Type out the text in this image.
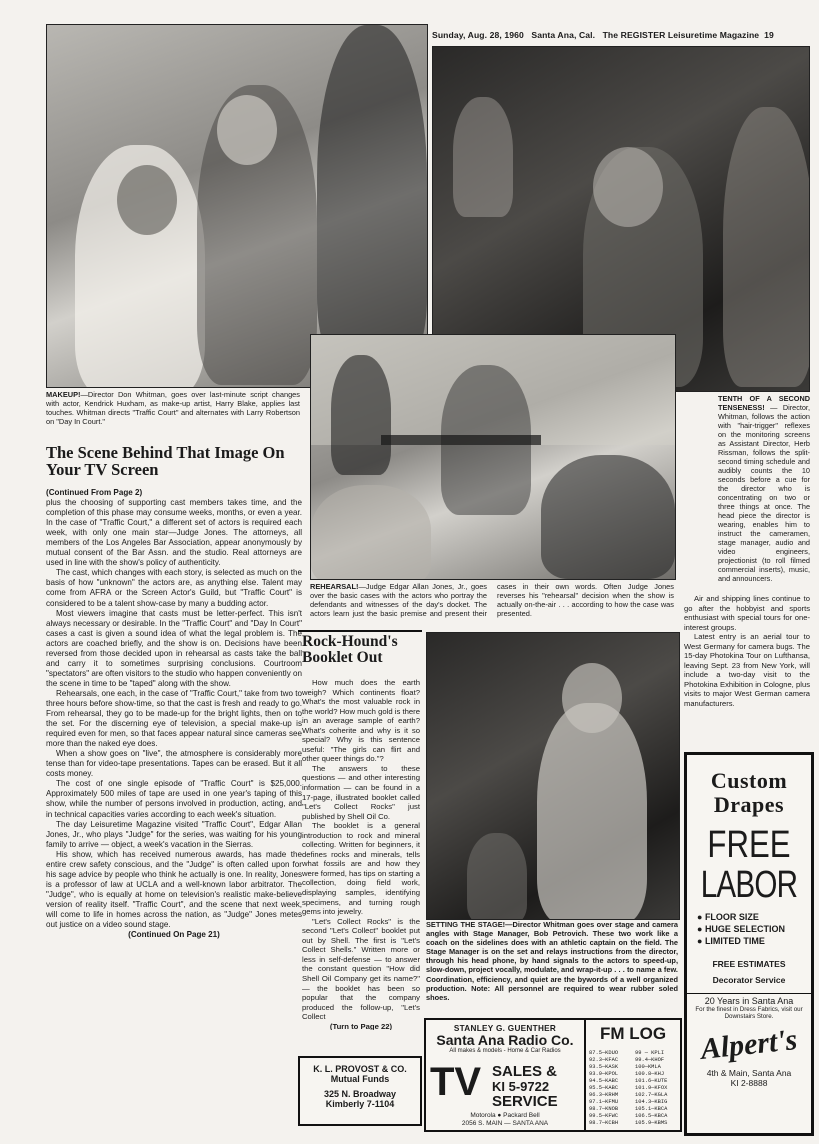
Sunday, Aug. 28, 1960 Santa Ana, Cal. The REGISTER Leisuretime Magazine 19
MAKEUP!—Director Don Whitman, goes over last-minute script changes with actor, Kendrick Huxham, as make-up artist, Harry Blake, applies last touches. Whitman directs "Traffic Court" and alternates with Larry Robertson on "Day In Court."
TENTH OF A SECOND TENSENESS! — Director, Whitman, follows the action with "hair-trigger" reflexes on the monitoring screens as Assistant Director, Herb Rissman, follows the split-second timing schedule and audibly counts the 10 seconds before a cue for the director who is concentrating on two or three things at once. The head piece the director is wearing, enables him to instruct the cameramen, stage manager, audio and video engineers, projectionist (to roll filmed commercial inserts), music, and announcers.
REHEARSAL!—Judge Edgar Allan Jones, Jr., goes over the basic cases with the actors who portray the defendants and witnesses of the day's docket. The actors learn just the basic premise and present their cases in their own words. Often Judge Jones reverses his "rehearsal" decision when the show is actually on-the-air . . . according to how the case was presented.
SETTING THE STAGE!—Director Whitman goes over stage and camera angles with Stage Manager, Bob Petrovich. These two work like a coach on the sidelines does with an athletic captain on the field. The Stage Manager is on the set and relays instructions from the director, through his head phone, by hand signals to the actors to speed-up, slow-down, project vocally, modulate, and wrap-it-up . . . to name a few. Coordination, efficiency, and quiet are the bywords of a well organized production. Note: All personnel are required to wear rubber soled shoes.
The Scene Behind That Image On Your TV Screen

(Continued From Page 2)

plus the choosing of supporting cast members takes time, and the completion of this phase may consume weeks, months, or even a year. In the case of "Traffic Court," a different set of actors is required each week, with only one main star—Judge Jones. The attorneys, all members of the Los Angeles Bar Association, appear anonymously by mutual consent of the Bar Assn. and the studio. Real attorneys are used in line with the show's policy of authenticity.

The cast, which changes with each story, is selected as much on the basis of how "unknown" the actors are, as anything else. Talent may come from AFRA or the Screen Actor's Guild, but "Traffic Court" is considered to be a talent show-case by many a budding actor.

Most viewers imagine that casts must be letter-perfect. This isn't always necessary or desirable. In the "Traffic Court" and "Day In Court" cases a cast is given a sound idea of what the legal problem is. The actors are coached briefly, and the show is on. Decisions have been reversed from those decided upon in rehearsal as casts take the ball and carry it to sometimes surprising conclusions. Courtroom "spectators" are often visitors to the studio who happen conveniently on the scene in time to be "taped" along with the show.

Rehearsals, one each, in the case of "Traffic Court," take from two to three hours before show-time, so that the cast is fresh and ready to go. From rehearsal, they go to be made-up for the bright lights, then on to the set. For the discerning eye of television, a special make-up is required even for men, so that faces appear natural since cameras see more than the naked eye does.

When a show goes on "live", the atmosphere is considerably more tense than for video-tape presentations. Tapes can be erased. But it all costs money.

The cost of one single episode of "Traffic Court" is $25,000. Approximately 500 miles of tape are used in one year's taping of this show, while the number of persons involved in production, acting, and in technical capacities varies according to each week's situation.

The day Leisuretime Magazine visited "Traffic Court", Edgar Allan Jones, Jr., who plays "Judge" for the series, was waiting for his young family to arrive — object, a week's vacation in the Sierras.

His show, which has received numerous awards, has made the entire crew safety conscious, and the "Judge" is often called upon for his sage advice by people who think he actually is one. In reality, Jones is a professor of law at UCLA and a well-known labor arbitrator. The "Judge", who is equally at home on television's realistic make-believe version of reality itself. "Traffic Court", and the scene that next week, will come to life in homes across the nation, as "Judge" Jones metes out justice on a video sound stage.

(Continued On Page 21)

Rock-Hound's Booklet Out

How much does the earth weigh? Which continents float? What's the most valuable rock in the world? How much gold is there in an average sample of earth? What's coherite and why is it so special? Why is this sentence useful: "The girls can flirt and other queer things do."?

The answers to these questions — and other interesting information — can be found in a 17-page, illustrated booklet called "Let's Collect Rocks" just published by Shell Oil Co.

The booklet is a general introduction to rock and mineral collecting. Written for beginners, it defines rocks and minerals, tells what fossils are and how they were formed, has tips on starting a collection, doing field work, displaying samples, identifying specimens, and turning rough gems into jewelry.

"Let's Collect Rocks" is the second "Let's Collect" booklet put out by Shell. The first is "Let's Collect Shells." Written more or less in self-defense — to answer the constant question "How did Shell Oil Company get its name?" — the booklet has been so popular that the company produced the follow-up, "Let's Collect

(Turn to Page 22)

Air and shipping lines continue to go after the hobbyist and sports enthusiast with special tours for one-interest groups.

Latest entry is an aerial tour to West Germany for camera bugs. The 15-day Photokina Tour on Lufthansa, leaving Sept. 23 from New York, will include a two-day visit to the Photokina Exhibition in Cologne, plus visits to major West German camera manufacturers.

K. L. PROVOST & CO.
Mutual Funds
325 N. Broadway
Kimberly 7-1104
STANLEY G. GUENTHER
Santa Ana Radio Co.
All makes & models - Home & Car Radios
TV SALES &
KI 5-9722
SERVICE
Motorola ● Packard Bell
2056 S. MAIN — SANTA ANA
FM LOG
87.5—KDUO
92.3—KFAC
93.5—KASK
93.9—KPOL
94.5—KABC
95.5—KABC
96.3—KRHM
97.1—KFMU
98.7—KNOB
99.5—KFWC
98.7—KCBH
99 — KPLI
99.4—KHOF
100—KMLA
100.8—KHJ
101.6—KUTE
101.9—KFOX
102.7—KGLA
104.3—KBIG
105.1—KBCA
106.5—KBCA
105.9—KBMS
Custom
Drapes
FREE
LABOR
● FLOOR SIZE
● HUGE SELECTION
● LIMITED TIME
FREE ESTIMATES
Decorator Service
20 Years in Santa Ana
For the finest in Dress Fabrics, visit our Downstairs Store.
Alpert's
4th & Main, Santa Ana
KI 2-8888
